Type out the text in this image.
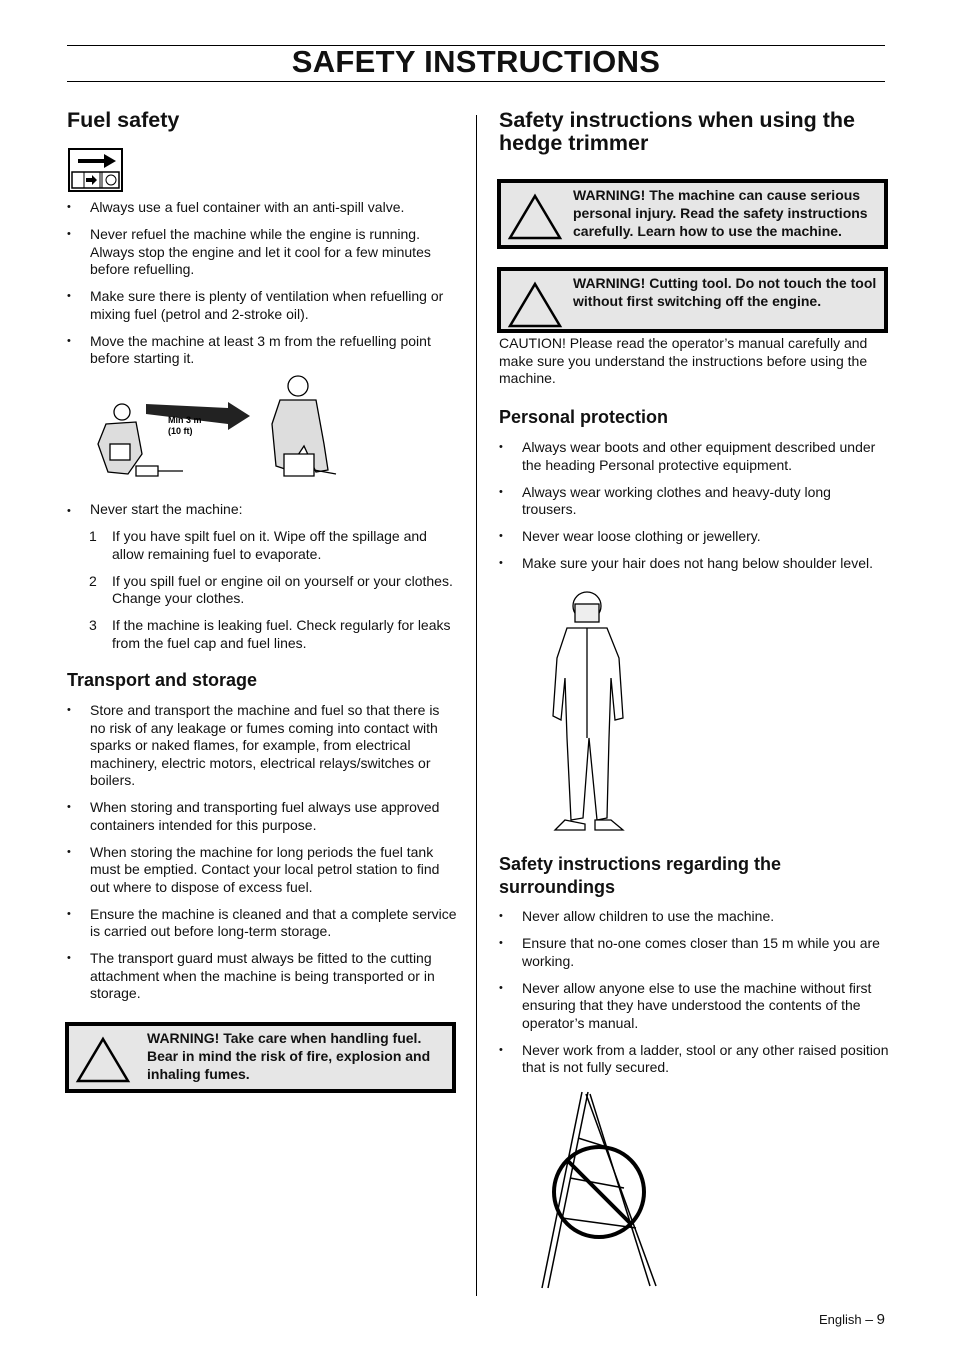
SAFETY INSTRUCTIONS
Fuel safety
• Always use a fuel container with an anti-spill valve.
• Never refuel the machine while the engine is running. Always stop the engine and let it cool for a few minutes before refuelling.
• Make sure there is plenty of ventilation when refuelling or mixing fuel (petrol and 2-stroke oil).
• Move the machine at least 3 m from the refuelling point before starting it.
Min 3 m
(10 ft)
• Never start the machine:
1 If you have spilt fuel on it. Wipe off the spillage and allow remaining fuel to evaporate.
2 If you spill fuel or engine oil on yourself or your clothes. Change your clothes.
3 If the machine is leaking fuel. Check regularly for leaks from the fuel cap and fuel lines.
Transport and storage
• Store and transport the machine and fuel so that there is no risk of any leakage or fumes coming into contact with sparks or naked flames, for example, from electrical machinery, electric motors, electrical relays/switches or boilers.
• When storing and transporting fuel always use approved containers intended for this purpose.
• When storing the machine for long periods the fuel tank must be emptied. Contact your local petrol station to find out where to dispose of excess fuel.
• Ensure the machine is cleaned and that a complete service is carried out before long-term storage.
• The transport guard must always be fitted to the cutting attachment when the machine is being transported or in storage.
WARNING! Take care when handling fuel. Bear in mind the risk of fire, explosion and inhaling fumes.
Safety instructions when using the hedge trimmer
WARNING! The machine can cause serious personal injury. Read the safety instructions carefully. Learn how to use the machine.
WARNING! Cutting tool. Do not touch the tool without first switching off the engine.
CAUTION! Please read the operator’s manual carefully and make sure you understand the instructions before using the machine.
Personal protection
• Always wear boots and other equipment described under the heading Personal protective equipment.
• Always wear working clothes and heavy-duty long trousers.
• Never wear loose clothing or jewellery.
• Make sure your hair does not hang below shoulder level.
Safety instructions regarding the surroundings
• Never allow children to use the machine.
• Ensure that no-one comes closer than 15 m while you are working.
• Never allow anyone else to use the machine without first ensuring that they have understood the contents of the operator’s manual.
• Never work from a ladder, stool or any other raised position that is not fully secured.
English – 9
